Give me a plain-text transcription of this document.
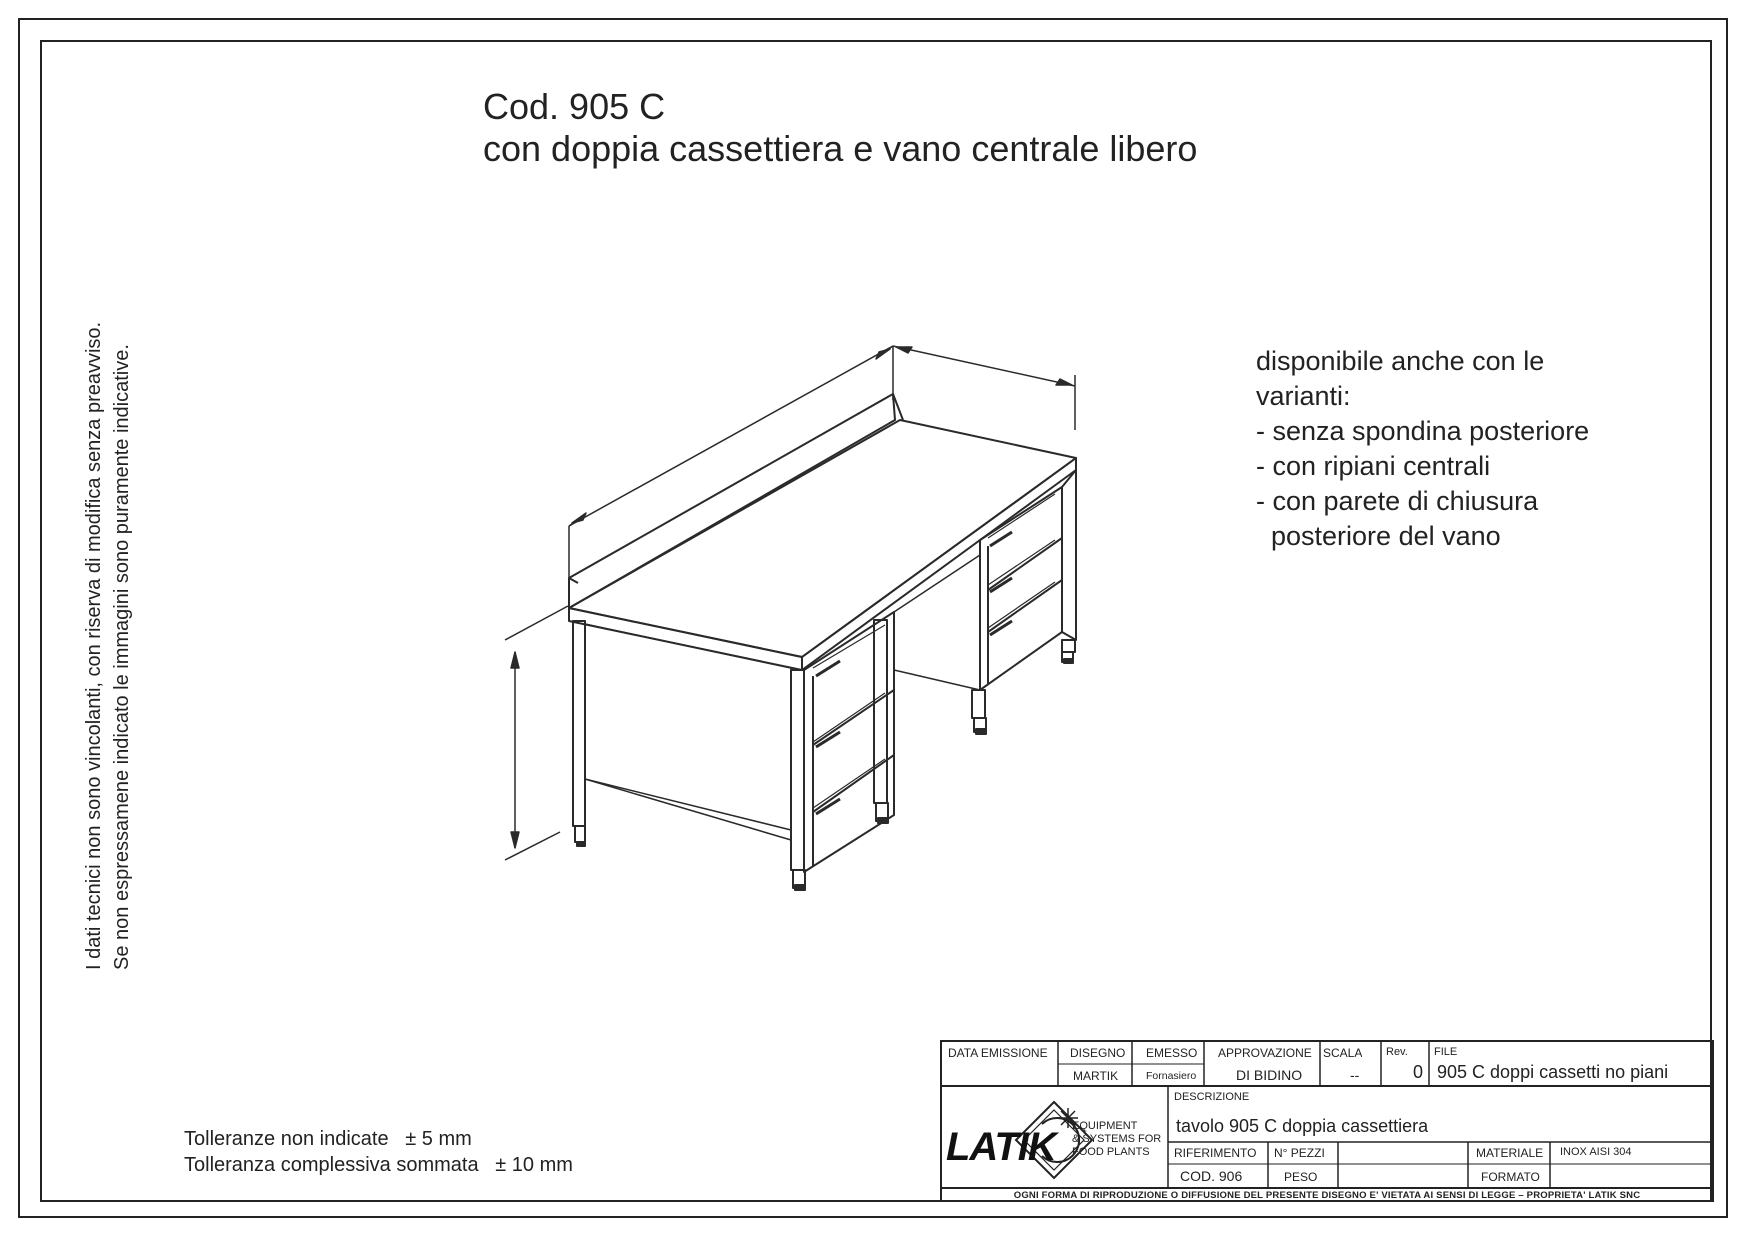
Cod. 905 C
con doppia cassettiera e vano centrale libero
disponibile anche con le
varianti:
- senza spondina posteriore
- con ripiani centrali
- con parete di chiusura
posteriore del vano
I dati tecnici non sono vincolanti, con riserva di modifica senza preavviso. Se non espressamene indicato le immagini sono puramente indicative.
Tolleranze non indicate   ± 5 mm
Tolleranza complessiva sommata   ± 10 mm
DATA EMISSIONE DISEGNO
MARTIK
EMESSO
Fornasiero
APPROVAZIONE
DI BIDINO
SCALA
--
Rev.
0
FILE
905 C doppi cassetti no piani
DESCRIZIONE
tavolo 905 C doppia cassettiera
RIFERIMENTO
COD. 906
N° PEZZI
PESO
MATERIALE INOX AISI 304
FORMATO
LATIK	EQUIPMENT
& SYSTEMS FOR
FOOD PLANTS
OGNI FORMA DI RIPRODUZIONE O DIFFUSIONE DEL PRESENTE DISEGNO E' VIETATA AI SENSI DI LEGGE – PROPRIETA' LATIK SNC
